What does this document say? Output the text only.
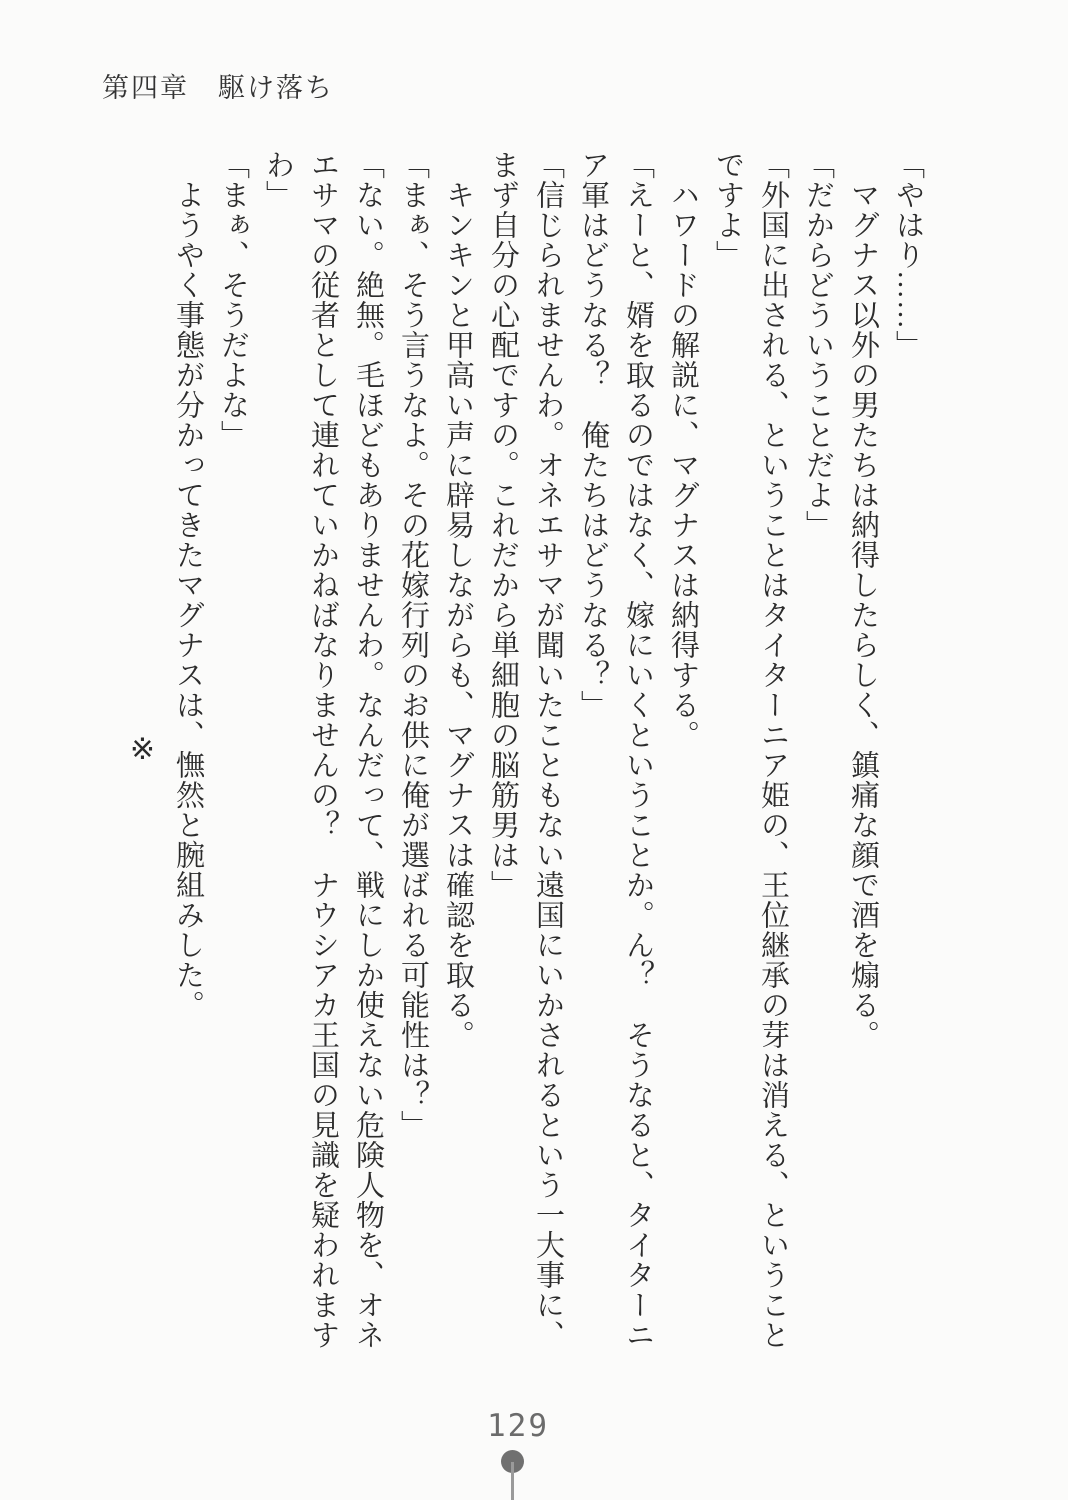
第四章　駆け落ち
「やはり……」
　マグナス以外の男たちは納得したらしく、鎮痛な顔で酒を煽る。
「だからどういうことだよ」
「外国に出される、ということはタイターニア姫の、王位継承の芽は消える、ということ
ですよ」
　ハワードの解説に、マグナスは納得する。
「えーと、婿を取るのではなく、嫁にいくということか。ん？　そうなると、タイターニ
ア軍はどうなる？　俺たちはどうなる？」
「信じられませんわ。オネエサマが聞いたこともない遠国にいかされるという一大事に、
まず自分の心配ですの。これだから単細胞の脳筋男は」
　キンキンと甲高い声に辟易しながらも、マグナスは確認を取る。
「まぁ、そう言うなよ。その花嫁行列のお供に俺が選ばれる可能性は？」
「ない。絶無。毛ほどもありませんわ。なんだって、戦にしか使えない危険人物を、オネ
エサマの従者として連れていかねばなりませんの？　ナウシアカ王国の見識を疑われます
わ」
「まぁ、そうだよな」
　ようやく事態が分かってきたマグナスは、憮然と腕組みした。
※
129
